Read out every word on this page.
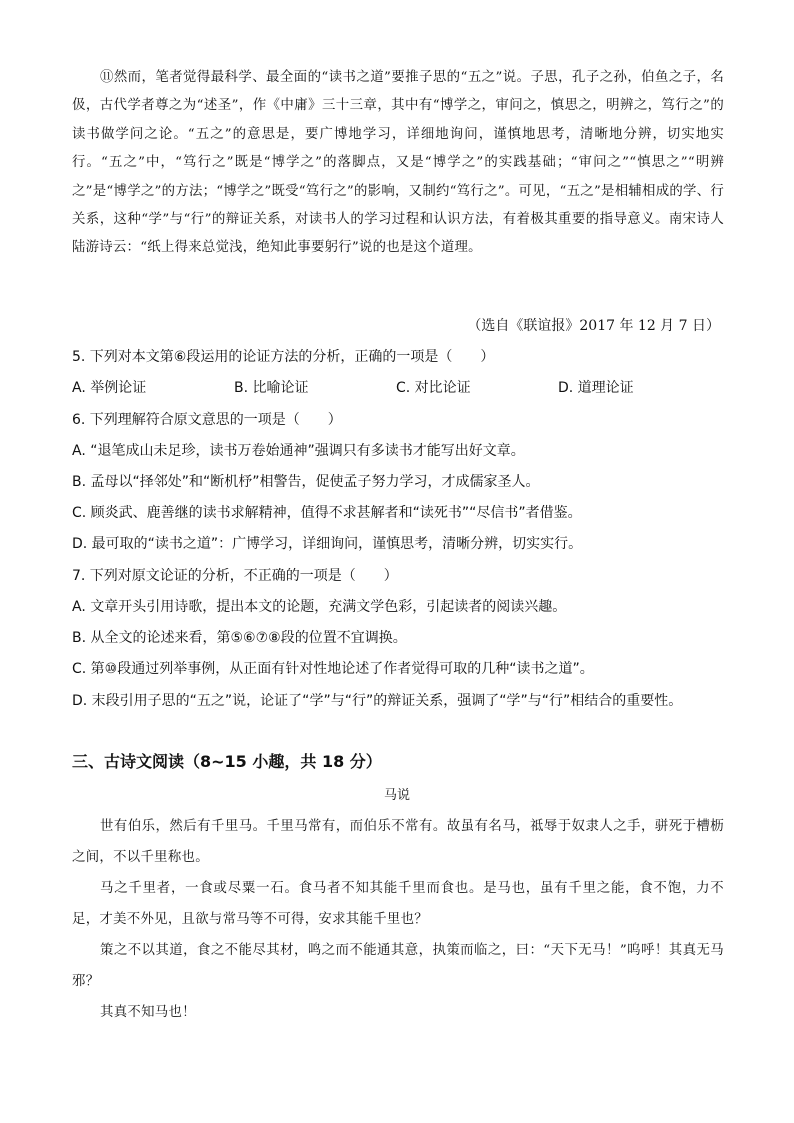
⑪然而，笔者觉得最科学、最全面的“读书之道”要推子思的“五之”说。子思，孔子之孙，伯鱼之子，名伋，古代学者尊之为“述圣”，作《中庸》三十三章，其中有“博学之，审问之，慎思之，明辨之，笃行之”的读书做学问之论。“五之”的意思是，要广博地学习，详细地询问，谨慎地思考，清晰地分辨，切实地实行。“五之”中，“笃行之”既是“博学之”的落脚点，又是“博学之”的实践基础；“审问之”“慎思之”“明辨之”是“博学之”的方法；“博学之”既受“笃行之”的影响，又制约“笃行之”。可见，“五之”是相辅相成的学、行关系，这种“学”与“行”的辩证关系，对读书人的学习过程和认识方法，有着极其重要的指导意义。南宋诗人陆游诗云：“纸上得来总觉浅，绝知此事要躬行”说的也是这个道理。

（选自《联谊报》2017 年 12 月 7 日）

5. 下列对本文第⑥段运用的论证方法的分析，正确的一项是（　　）

A. 举例论证	B. 比喻论证	C. 对比论证	D. 道理论证

6. 下列理解符合原文意思的一项是（　　）

A. “退笔成山未足珍，读书万卷始通神”强调只有多读书才能写出好文章。

B. 孟母以“择邻处”和“断机杼”相警告，促使孟子努力学习，才成儒家圣人。

C. 顾炎武、鹿善继的读书求解精神，值得不求甚解者和“读死书”“尽信书”者借鉴。

D. 最可取的“读书之道”：广博学习，详细询问，谨慎思考，清晰分辨，切实实行。

7. 下列对原文论证的分析，不正确的一项是（　　）

A. 文章开头引用诗歌，提出本文的论题，充满文学色彩，引起读者的阅读兴趣。

B. 从全文的论述来看，第⑤⑥⑦⑧段的位置不宜调换。

C. 第⑩段通过列举事例，从正面有针对性地论述了作者觉得可取的几种“读书之道”。

D. 末段引用子思的“五之”说，论证了“学”与“行”的辩证关系，强调了“学”与“行”相结合的重要性。

三、古诗文阅读（8~15 小趣，共 18 分）

马说

世有伯乐，然后有千里马。千里马常有，而伯乐不常有。故虽有名马，祗辱于奴隶人之手，骈死于槽枥之间，不以千里称也。

马之千里者，一食或尽粟一石。食马者不知其能千里而食也。是马也，虽有千里之能，食不饱，力不足，才美不外见，且欲与常马等不可得，安求其能千里也？

策之不以其道，食之不能尽其材，鸣之而不能通其意，执策而临之，曰：“天下无马！”呜呼！其真无马邪？

其真不知马也！
